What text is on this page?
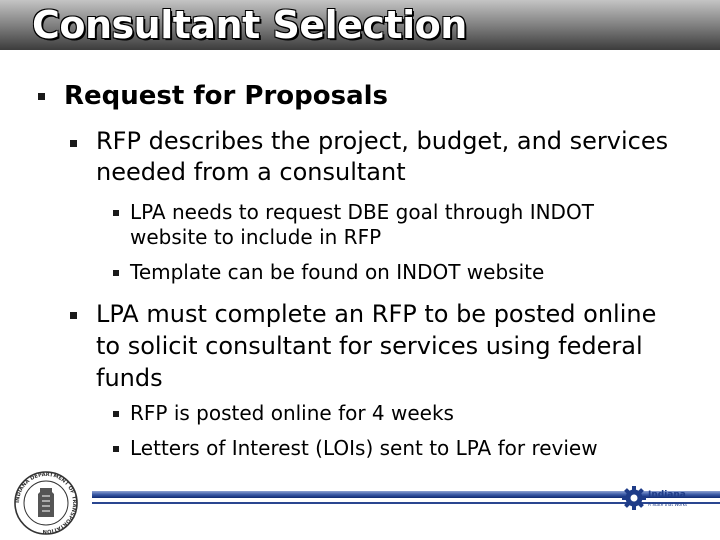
Consultant Selection

Request for Proposals

RFP describes the project, budget, and services

needed from a consultant

LPA needs to request DBE goal through INDOT

website to include in RFP

Template can be found on INDOT website

LPA must complete an RFP to be posted online

to solicit consultant for services using federal

funds

RFP is posted online for 4 weeks

Letters of Interest (LOIs) sent to LPA for review

INDIANA DEPARTMENT OF TRANSPORTATION
Indiana
A State that Works
